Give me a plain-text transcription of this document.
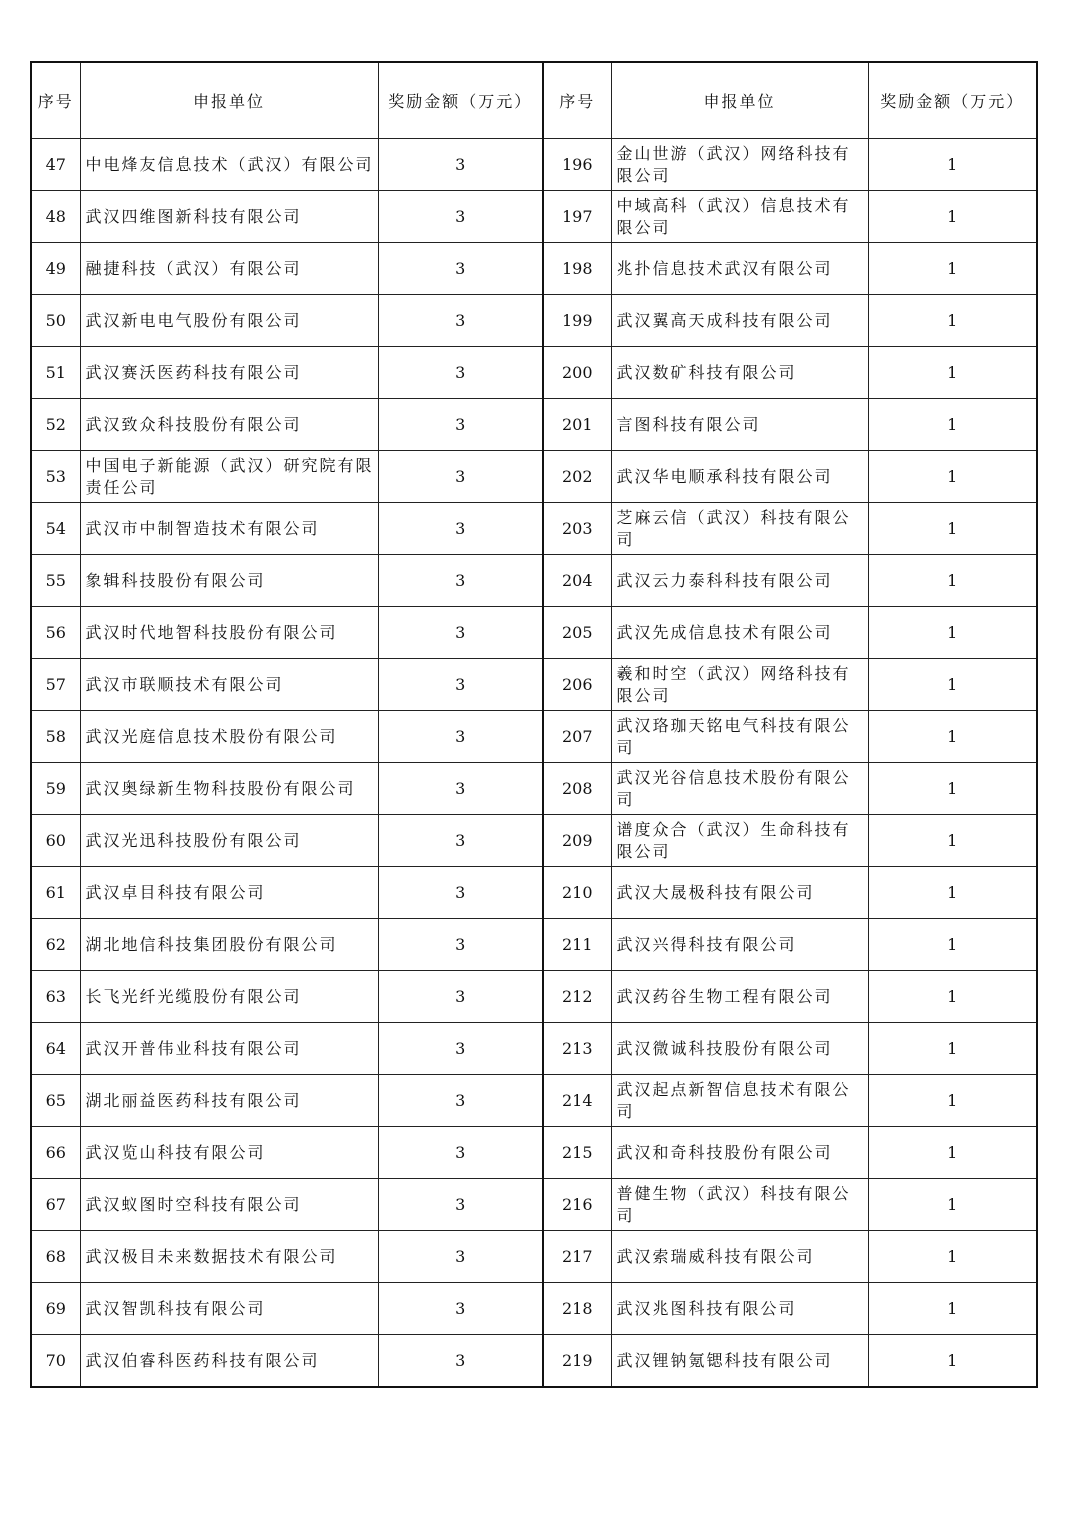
序号	申报单位	奖励金额（万元）	序号	申报单位	奖励金额（万元）
47	中电烽友信息技术（武汉）有限公司	3	196	金山世游（武汉）网络科技有限公司	1
48	武汉四维图新科技有限公司	3	197	中域高科（武汉）信息技术有限公司	1
49	融捷科技（武汉）有限公司	3	198	兆扑信息技术武汉有限公司	1
50	武汉新电电气股份有限公司	3	199	武汉翼高天成科技有限公司	1
51	武汉赛沃医药科技有限公司	3	200	武汉数矿科技有限公司	1
52	武汉致众科技股份有限公司	3	201	言图科技有限公司	1
53	中国电子新能源（武汉）研究院有限责任公司	3	202	武汉华电顺承科技有限公司	1
54	武汉市中制智造技术有限公司	3	203	芝麻云信（武汉）科技有限公司	1
55	象辑科技股份有限公司	3	204	武汉云力泰科科技有限公司	1
56	武汉时代地智科技股份有限公司	3	205	武汉先成信息技术有限公司	1
57	武汉市联顺技术有限公司	3	206	羲和时空（武汉）网络科技有限公司	1
58	武汉光庭信息技术股份有限公司	3	207	武汉珞珈天铭电气科技有限公司	1
59	武汉奥绿新生物科技股份有限公司	3	208	武汉光谷信息技术股份有限公司	1
60	武汉光迅科技股份有限公司	3	209	谱度众合（武汉）生命科技有限公司	1
61	武汉卓目科技有限公司	3	210	武汉大晟极科技有限公司	1
62	湖北地信科技集团股份有限公司	3	211	武汉兴得科技有限公司	1
63	长飞光纤光缆股份有限公司	3	212	武汉药谷生物工程有限公司	1
64	武汉开普伟业科技有限公司	3	213	武汉微诚科技股份有限公司	1
65	湖北丽益医药科技有限公司	3	214	武汉起点新智信息技术有限公司	1
66	武汉览山科技有限公司	3	215	武汉和奇科技股份有限公司	1
67	武汉蚁图时空科技有限公司	3	216	普健生物（武汉）科技有限公司	1
68	武汉极目未来数据技术有限公司	3	217	武汉索瑞威科技有限公司	1
69	武汉智凯科技有限公司	3	218	武汉兆图科技有限公司	1
70	武汉伯睿科医药科技有限公司	3	219	武汉锂钠氪锶科技有限公司	1
